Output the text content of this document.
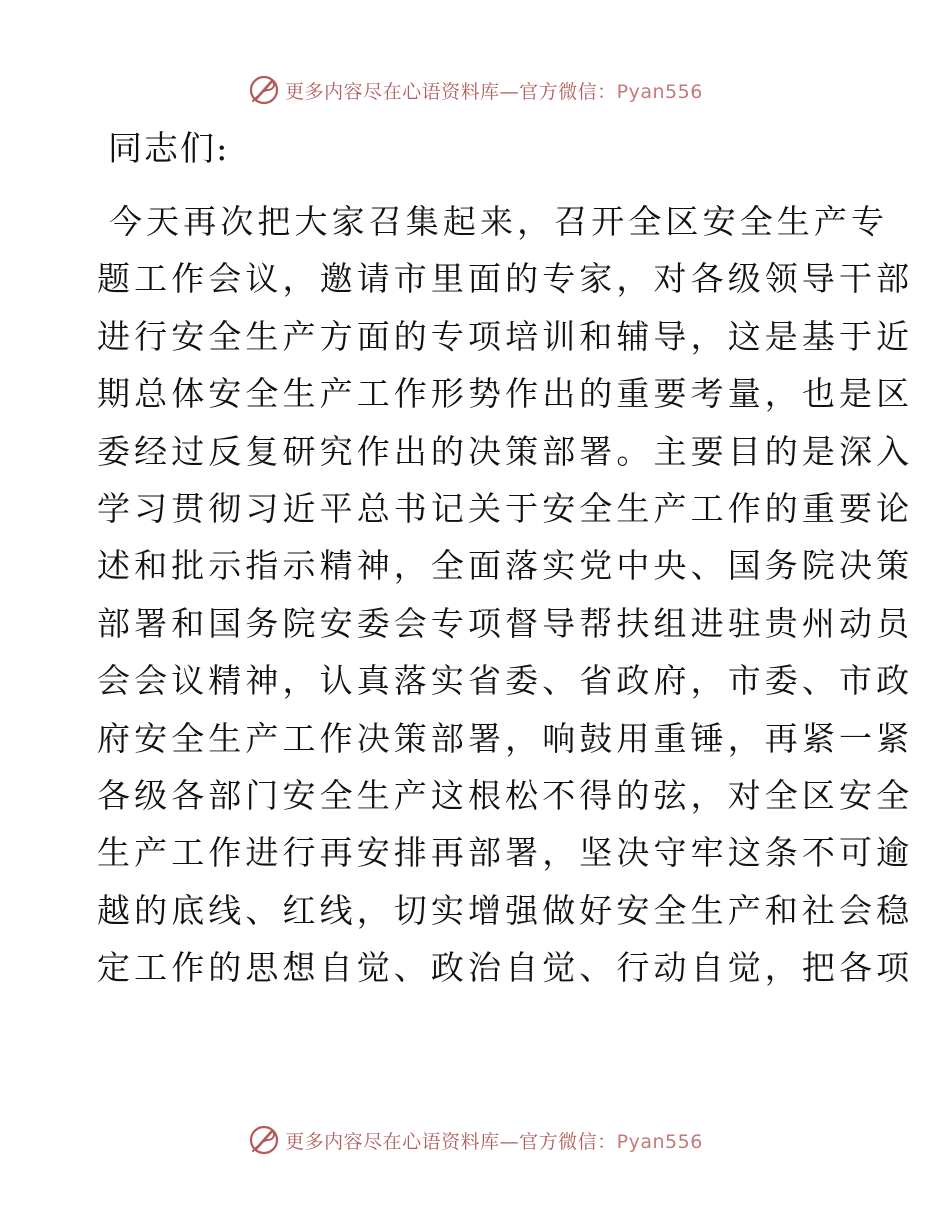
更多内容尽在心语资料库—官方微信：Pyan556
同志们:
今天再次把大家召集起来，召开全区安全生产专
题工作会议，邀请市里面的专家，对各级领导干部
进行安全生产方面的专项培训和辅导，这是基于近
期总体安全生产工作形势作出的重要考量，也是区
委经过反复研究作出的决策部署。主要目的是深入
学习贯彻习近平总书记关于安全生产工作的重要论
述和批示指示精神，全面落实党中央、国务院决策
部署和国务院安委会专项督导帮扶组进驻贵州动员
会会议精神，认真落实省委、省政府，市委、市政
府安全生产工作决策部署，响鼓用重锤，再紧一紧
各级各部门安全生产这根松不得的弦，对全区安全
生产工作进行再安排再部署，坚决守牢这条不可逾
越的底线、红线，切实增强做好安全生产和社会稳
定工作的思想自觉、政治自觉、行动自觉，把各项
更多内容尽在心语资料库—官方微信：Pyan556
